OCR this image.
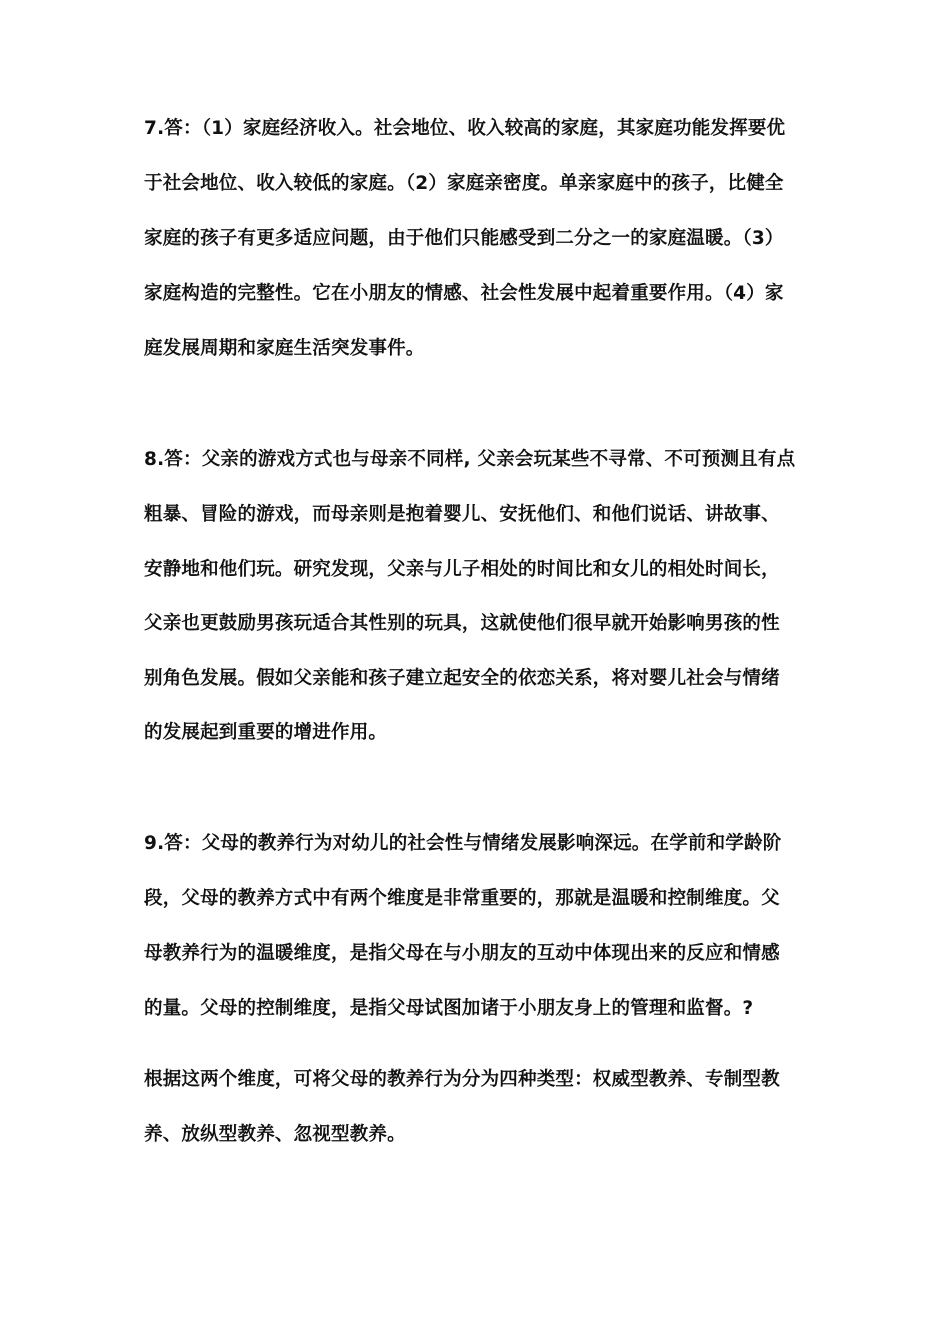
7.答：（1）家庭经济收入。社会地位、收入较高的家庭，其家庭功能发挥要优
于社会地位、收入较低的家庭。（2）家庭亲密度。单亲家庭中的孩子，比健全
家庭的孩子有更多适应问题，由于他们只能感受到二分之一的家庭温暖。（3）
家庭构造的完整性。它在小朋友的情感、社会性发展中起着重要作用。（4）家
庭发展周期和家庭生活突发事件。
8.答：父亲的游戏方式也与母亲不同样, 父亲会玩某些不寻常、不可预测且有点
粗暴、冒险的游戏，而母亲则是抱着婴儿、安抚他们、和他们说话、讲故事、
安静地和他们玩。研究发现，父亲与儿子相处的时间比和女儿的相处时间长，
父亲也更鼓励男孩玩适合其性别的玩具，这就使他们很早就开始影响男孩的性
别角色发展。假如父亲能和孩子建立起安全的依恋关系，将对婴儿社会与情绪
的发展起到重要的增进作用。
9.答：父母的教养行为对幼儿的社会性与情绪发展影响深远。在学前和学龄阶
段，父母的教养方式中有两个维度是非常重要的，那就是温暖和控制维度。父
母教养行为的温暖维度，是指父母在与小朋友的互动中体现出来的反应和情感
的量。父母的控制维度，是指父母试图加诸于小朋友身上的管理和监督。?
根据这两个维度，可将父母的教养行为分为四种类型：权威型教养、专制型教
养、放纵型教养、忽视型教养。
